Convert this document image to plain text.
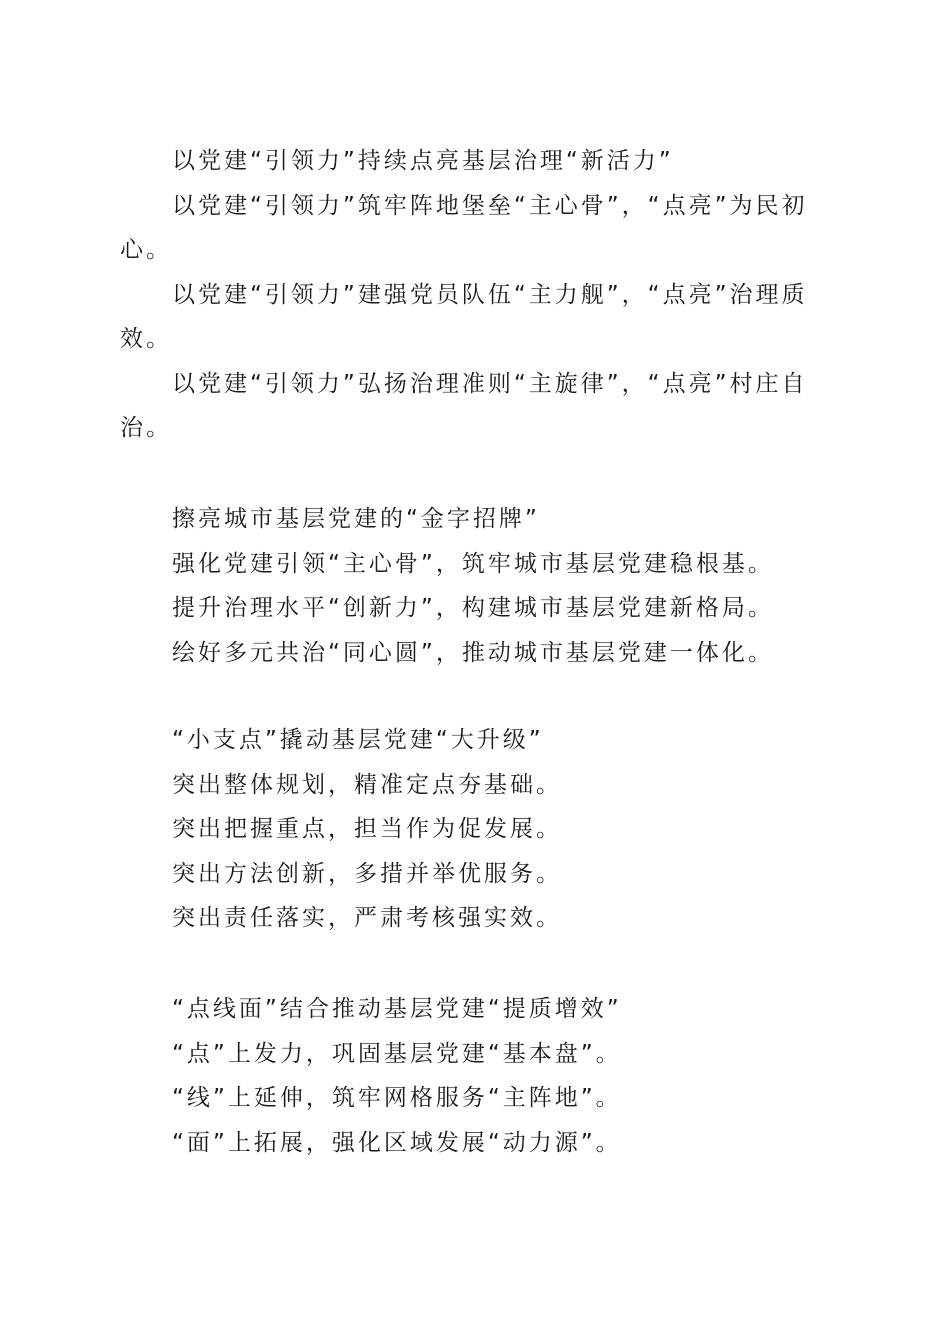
以党建“引领力”持续点亮基层治理“新活力”

以党建“引领力”筑牢阵地堡垒“主心骨”，“点亮”为民初心。

以党建“引领力”建强党员队伍“主力舰”，“点亮”治理质效。

以党建“引领力”弘扬治理准则“主旋律”，“点亮”村庄自治。

擦亮城市基层党建的“金字招牌”

强化党建引领“主心骨”，筑牢城市基层党建稳根基。

提升治理水平“创新力”，构建城市基层党建新格局。

绘好多元共治“同心圆”，推动城市基层党建一体化。

“小支点”撬动基层党建“大升级”

突出整体规划，精准定点夯基础。

突出把握重点，担当作为促发展。

突出方法创新，多措并举优服务。

突出责任落实，严肃考核强实效。

“点线面”结合推动基层党建“提质增效”

“点”上发力，巩固基层党建“基本盘”。

“线”上延伸，筑牢网格服务“主阵地”。

“面”上拓展，强化区域发展“动力源”。
